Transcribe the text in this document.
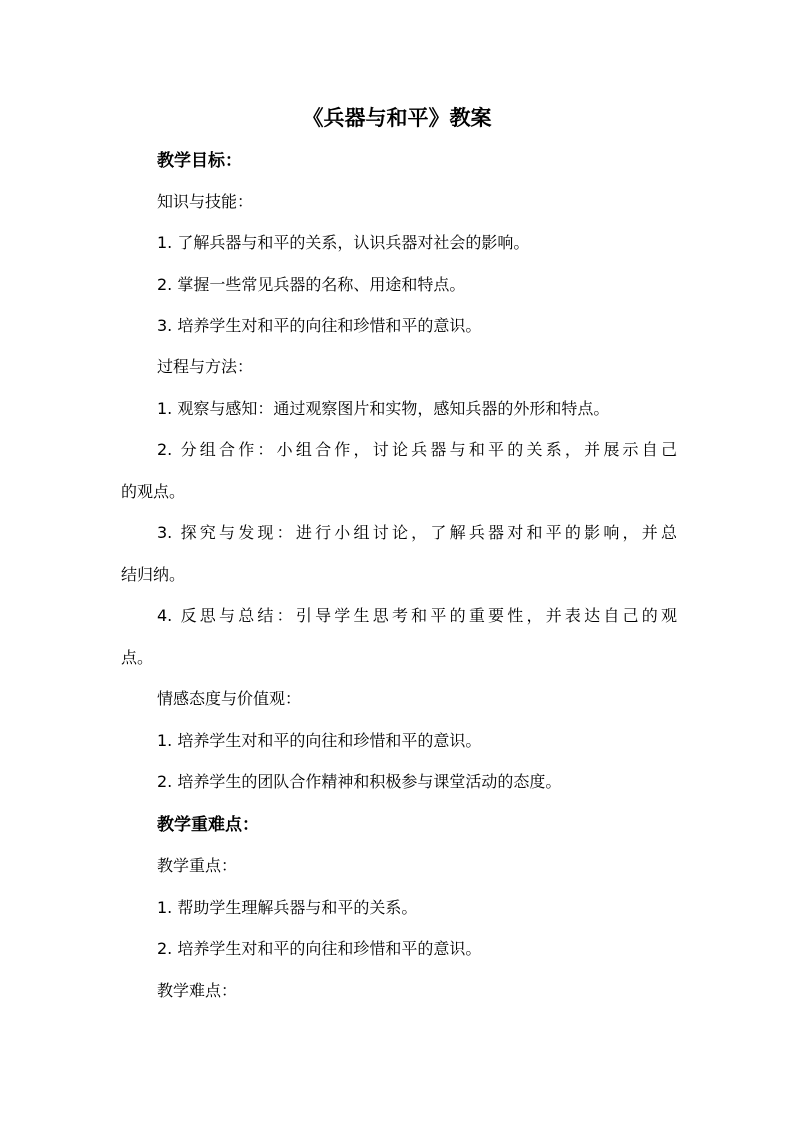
《兵器与和平》教案
教学目标：
知识与技能：
1. 了解兵器与和平的关系，认识兵器对社会的影响。
2. 掌握一些常见兵器的名称、用途和特点。
3. 培养学生对和平的向往和珍惜和平的意识。
过程与方法：
1. 观察与感知：通过观察图片和实物，感知兵器的外形和特点。
2. 分组合作：小组合作，讨论兵器与和平的关系，并展示自己
的观点。
3. 探究与发现：进行小组讨论，了解兵器对和平的影响，并总
结归纳。
4. 反思与总结：引导学生思考和平的重要性，并表达自己的观
点。
情感态度与价值观：
1. 培养学生对和平的向往和珍惜和平的意识。
2. 培养学生的团队合作精神和积极参与课堂活动的态度。
教学重难点：
教学重点：
1. 帮助学生理解兵器与和平的关系。
2. 培养学生对和平的向往和珍惜和平的意识。
教学难点：
